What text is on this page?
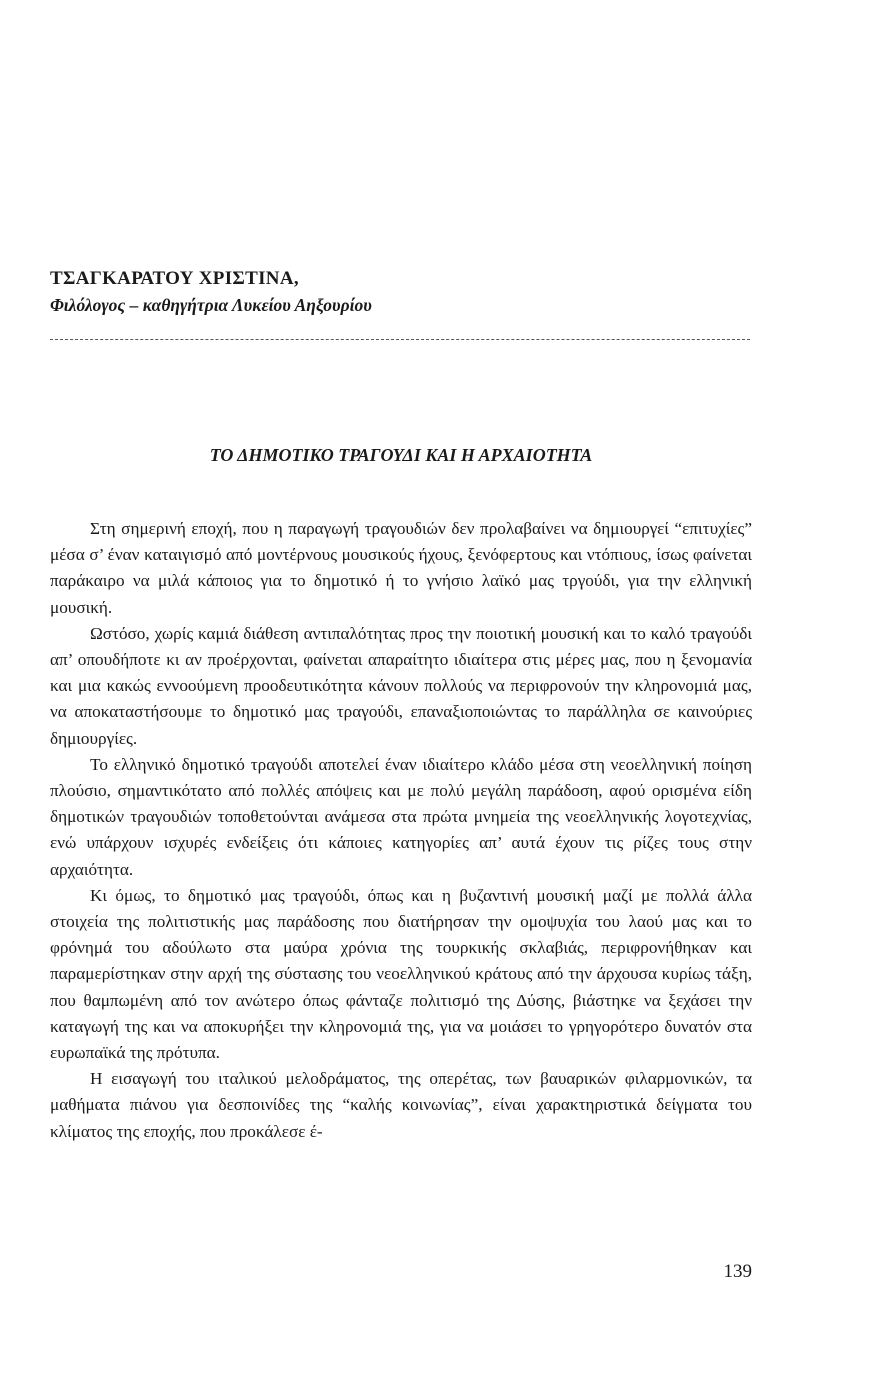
ΤΣΑΓΚΑΡΑΤΟΥ ΧΡΙΣΤΙΝΑ,
Φιλόλογος – καθηγήτρια Λυκείου Αηξουρίου
ΤΟ ΔΗΜΟΤΙΚΟ ΤΡΑΓΟΥΔΙ ΚΑΙ Η ΑΡΧΑΙΟΤΗΤΑ

Στη σημερινή εποχή, που η παραγωγή τραγουδιών δεν προλαβαίνει να δημιουργεί “επιτυχίες” μέσα σ’ έναν καταιγισμό από μοντέρνους μουσικούς ήχους, ξενόφερτους και ντόπιους, ίσως φαίνεται παράκαιρο να μιλά κάποιος για το δημοτικό ή το γνήσιο λαϊκό μας τργούδι, για την ελληνική μουσική.

Ωστόσο, χωρίς καμιά διάθεση αντιπαλότητας προς την ποιοτική μουσική και το καλό τραγούδι απ’ οπουδήποτε κι αν προέρχονται, φαίνεται απαραίτητο ιδιαίτερα στις μέρες μας, που η ξενομανία και μια κακώς εννοούμενη προοδευτικότητα κάνουν πολλούς να περιφρονούν την κληρονομιά μας, να αποκαταστήσουμε το δημοτικό μας τραγούδι, επαναξιοποιώντας το παράλληλα σε καινούριες δημιουργίες.

Το ελληνικό δημοτικό τραγούδι αποτελεί έναν ιδιαίτερο κλάδο μέσα στη νεοελληνική ποίηση πλούσιο, σημαντικότατο από πολλές απόψεις και με πολύ μεγάλη παράδοση, αφού ορισμένα είδη δημοτικών τραγουδιών τοποθετούνται ανάμεσα στα πρώτα μνημεία της νεοελληνικής λογοτεχνίας, ενώ υπάρχουν ισχυρές ενδείξεις ότι κάποιες κατηγορίες απ’ αυτά έχουν τις ρίζες τους στην αρχαιότητα.

Κι όμως, το δημοτικό μας τραγούδι, όπως και η βυζαντινή μουσική μαζί με πολλά άλλα στοιχεία της πολιτιστικής μας παράδοσης που διατήρησαν την ομοψυχία του λαού μας και το φρόνημά του αδούλωτο στα μαύρα χρόνια της τουρκικής σκλαβιάς, περιφρονήθηκαν και παραμερίστηκαν στην αρχή της σύστασης του νεοελληνικού κράτους από την άρχουσα κυρίως τάξη, που θαμπωμένη από τον ανώτερο όπως φάνταζε πολιτισμό της Δύσης, βιάστηκε να ξεχάσει την καταγωγή της και να αποκυρήξει την κληρονομιά της, για να μοιάσει το γρηγορότερο δυνατόν στα ευρωπαϊκά της πρότυπα.

Η εισαγωγή του ιταλικού μελοδράματος, της οπερέτας, των βαυαρικών φιλαρμονικών, τα μαθήματα πιάνου για δεσποινίδες της “καλής κοινωνίας”, είναι χαρακτηριστικά δείγματα του κλίματος της εποχής, που προκάλεσε έ-

139
